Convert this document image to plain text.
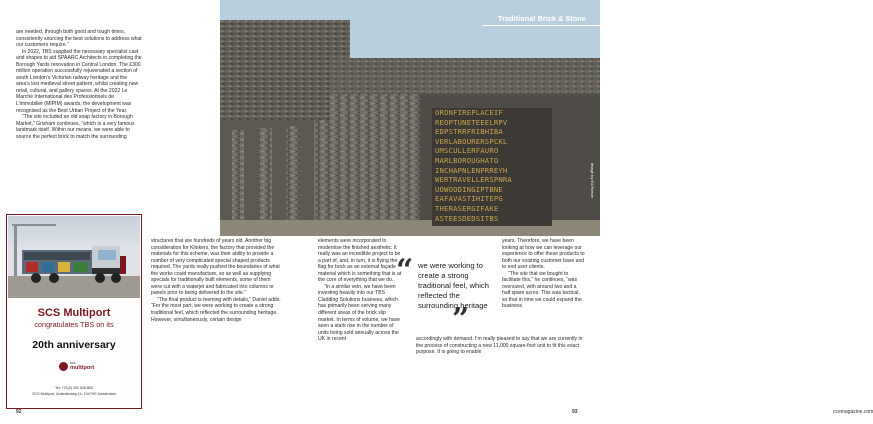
are needed, through both good and tough times, consistently sourcing the best solutions to address what our customers require.”

In 2022, TBS supplied the necessary specialist cast and shapes to aid SPAARC Architects in completing the Borough Yards renovation in Central London. The £300 million operation successfully rejuvenated a section of south London’s Victorian railway heritage and the area’s lost medieval street pattern, whilst creating new retail, cultural, and gallery spaces. At the 2022 Le Marché International des Professionnels de L’immobilier (MIPIM) awards, the development was recognised as the Best Urban Project of the Year.

“The site included an old soap factory in Borough Market,” Grisham continues, “which is a very famous landmark itself. Within our means, we were able to source the perfect brick to match the surrounding

structures that are hundreds of years old. Another big consideration for Klinkers, the factory that provided the materials for this scheme, was their ability to provide a number of very complicated special shaped products required. The yards really pushed the boundaries of what the works could manufacture, so as well as supplying specials for traditionally built elements, some of them were cut with a waterjet and fabricated into columns or panels prior to being delivered to the site.”

“The final product is teeming with details,” Daniel adds. “For the most part, we were working to create a strong traditional feel, which reflected the surrounding heritage. However, simultaneously, certain design

SCS Multiport
congratulates TBS on its
20th anniversary
scs
multiport
Tel: +31(0) 202 626 850
SCS Multiport, Australieweg 14, 1047HE Amsterdam
92

elements were incorporated to modernise the finished aesthetic. It really was an incredible project to be a part of, and, in turn, it is flying the flag for brick as an external façade material which is something that is at the core of everything that we do.

“In a similar vein, we have been investing heavily into our TBS Cladding Solutions business, which has primarily been serving many different areas of the brick slip market. In terms of volume, we have seen a stark rise in the number of units being sold annually across the UK in recent

years. Therefore, we have been looking at how we can leverage our experience to offer these products to both our existing customer base and to end user clients.

“The site that we bought to facilitate this,” he continues, “was oversized, with around two and a half spare acres. This was tactical, so that in time we could expand the business

accordingly with demand. I’m really pleased to say that we are currently in the process of constructing a new 11,000 square-foot unit to fit this exact purpose. It is going to enable

ccemagazine.com
ORONFIREPLACEIF
REOPTUNETEEELRPV
EDPSTRRFRIBHIBA
VERLABOURERSPCKL
UMSCULLERFAURO
MARLBOROUGHATO
INCHAPNLENPRREYH
WERTRAVELLERSPNRA
UOWOODINGIPTBNE
EAFAVASTIHITEPG
THERASERGIFAKE
ASTEESDEDSITBS
Traditional Brick & Stone
Image by Ed Reeve
“ we were working to create a strong traditional feel, which reflected the surrounding heritage
”
93
